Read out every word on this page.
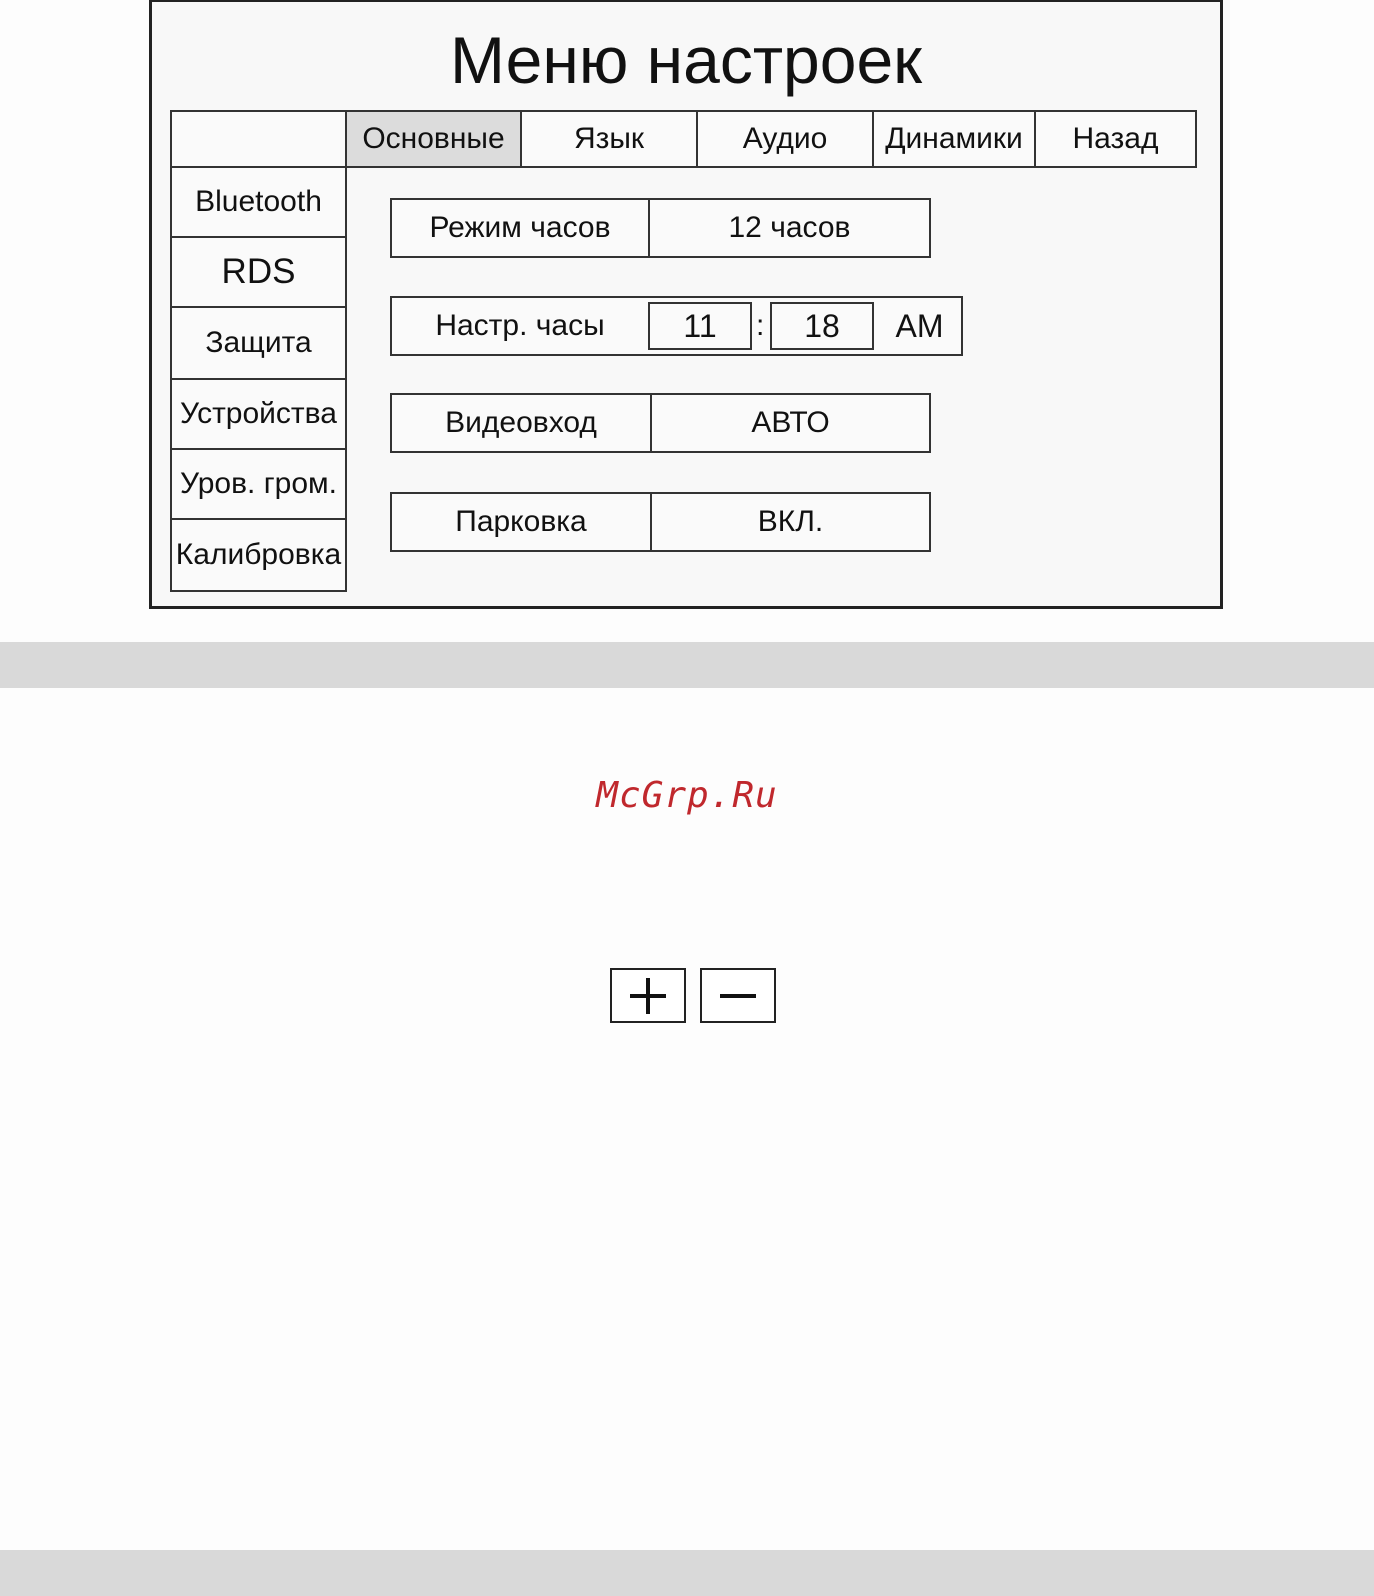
Меню настроек
Основные Язык	Аудио Динамики Назад
Bluetooth
RDS
Защита
Устройства
Уров. гром.
Калибровка
Режим часов	12 часов
Настр. часы	11	:	18	AM
Видеовход	АВТО
Парковка	ВКЛ.
McGrp.Ru
